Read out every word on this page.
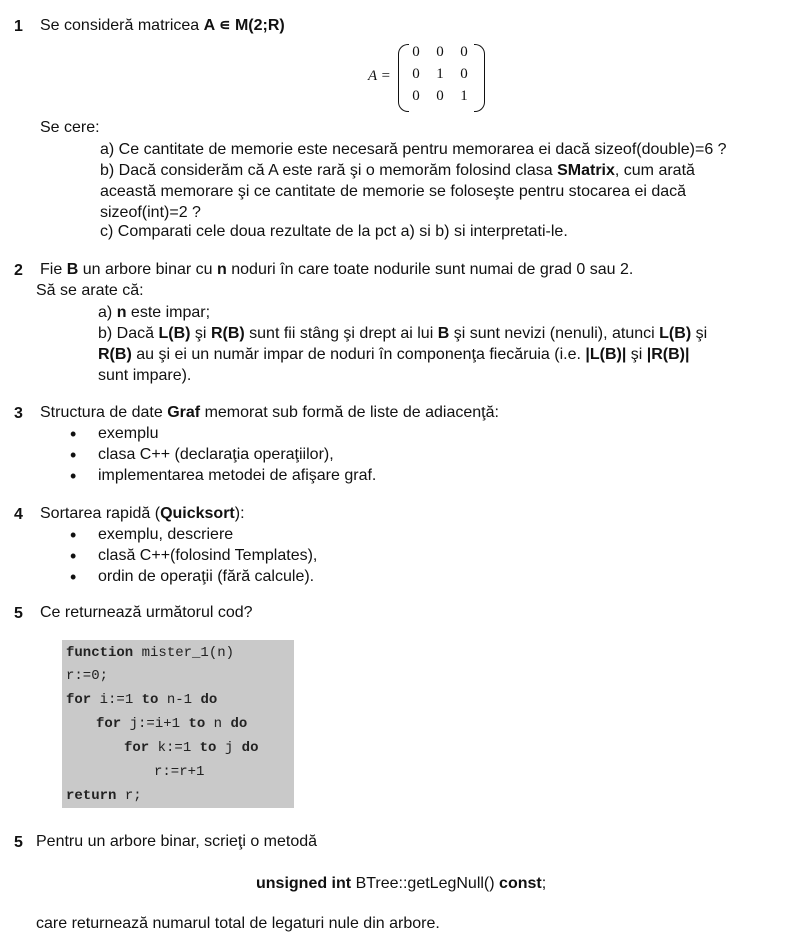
1 Se consideră matricea A ∊ M(2;R)
A =
0	0	0
0	1	0
0	0	1
Se cere:
a) Ce cantitate de memorie este necesară pentru memorarea ei dacă sizeof(double)=6 ?
b) Dacă considerăm că A este rară şi o memorăm folosind clasa SMatrix, cum arată
această memorare şi ce cantitate de memorie se foloseşte pentru stocarea ei dacă
sizeof(int)=2 ?
c) Comparati cele doua rezultate de la pct a) si b) si interpretati-le.
2 Fie B un arbore binar cu n noduri în care toate nodurile sunt numai de grad 0 sau 2.
Să se arate că:
a) n este impar;
b) Dacă L(B) şi R(B) sunt fii stâng şi drept ai lui B şi sunt nevizi (nenuli), atunci L(B) şi
R(B) au şi ei un număr impar de noduri în componenţa fiecăruia (i.e. |L(B)| şi |R(B)|
sunt impare).
3 Structura de date Graf memorat sub formă de liste de adiacenţă:
• exemplu
• clasa C++ (declaraţia operaţiilor),
• implementarea metodei de afişare graf.
4 Sortarea rapidă (Quicksort):
• exemplu, descriere
• clasă C++(folosind Templates),
• ordin de operaţii (fără calcule).
5 Ce returnează următorul cod?
function mister_1(n)
r:=0;
for i:=1 to n-1 do
for j:=i+1 to n do
for k:=1 to j do
r:=r+1
return r;
5 Pentru un arbore binar, scrieţi o metodă
unsigned int BTree::getLegNull() const;
care returnează numarul total de legaturi nule din arbore.
